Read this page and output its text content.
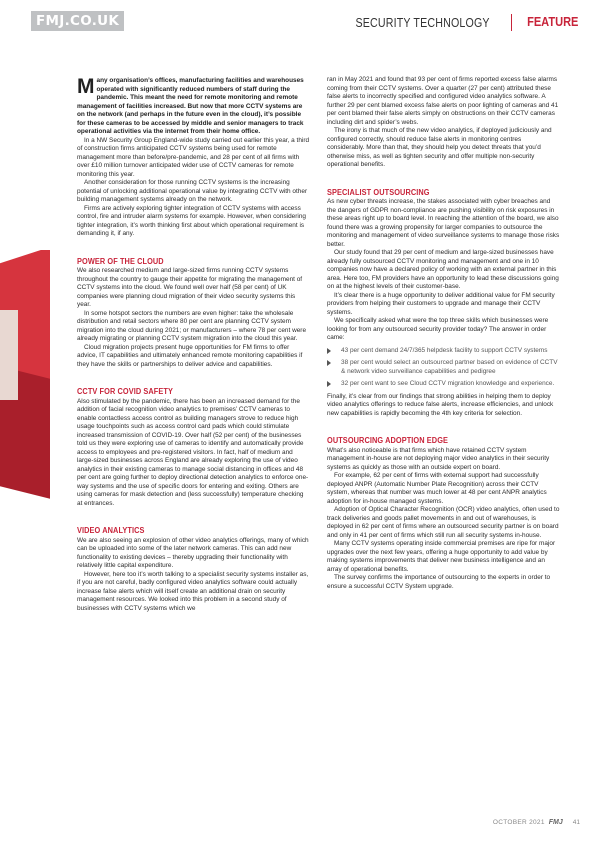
FMJ.CO.UK	SECURITY TECHNOLOGY	FEATURE

Many organisation’s offices, manufacturing facilities and warehouses operated with significantly reduced numbers of staff during the pandemic. This meant the need for remote monitoring and remote management of facilities increased. But now that more CCTV systems are on the network (and perhaps in the future even in the cloud), it’s possible for these cameras to be accessed by middle and senior managers to track operational activities via the internet from their home office.

In a NW Security Group England-wide study carried out earlier this year, a third of construction firms anticipated CCTV systems being used for remote management more than before/pre-pandemic, and 28 per cent of all firms with over £10 million turnover anticipated wider use of CCTV cameras for remote monitoring this year.

Another consideration for those running CCTV systems is the increasing potential of unlocking additional operational value by integrating CCTV with other building management systems already on the network.

Firms are actively exploring tighter integration of CCTV systems with access control, fire and intruder alarm systems for example. However, when considering tighter integration, it’s worth thinking first about which operational requirement is demanding it, if any.

POWER OF THE CLOUD

We also researched medium and large-sized firms running CCTV systems throughout the country to gauge their appetite for migrating the management of CCTV systems into the cloud. We found well over half (58 per cent) of UK companies were planning cloud migration of their video security systems this year.

In some hotspot sectors the numbers are even higher: take the wholesale distribution and retail sectors where 80 per cent are planning CCTV system migration into the cloud during 2021; or manufacturers – where 78 per cent were already migrating or planning CCTV system migration into the cloud this year.

Cloud migration projects present huge opportunities for FM firms to offer advice, IT capabilities and ultimately enhanced remote monitoring capabilities if they have the skills or partnerships to deliver advice and capabilities.

CCTV FOR COVID SAFETY

Also stimulated by the pandemic, there has been an increased demand for the addition of facial recognition video analytics to premises’ CCTV cameras to enable contactless access control as building managers strove to reduce high usage touchpoints such as access control card pads which could stimulate increased transmission of COVID-19. Over half (52 per cent) of the businesses told us they were exploring use of cameras to identify and automatically provide access to employees and pre-registered visitors. In fact, half of medium and large-sized businesses across England are already exploring the use of video analytics in their existing cameras to manage social distancing in offices and 48 per cent are going further to deploy directional detection analytics to enforce one-way systems and the use of specific doors for entering and exiting. Others are using cameras for mask detection and (less successfully) temperature checking at entrances.

VIDEO ANALYTICS

We are also seeing an explosion of other video analytics offerings, many of which can be uploaded into some of the later network cameras. This can add new functionality to existing devices – thereby upgrading their functionality with relatively little capital expenditure.

However, here too it’s worth talking to a specialist security systems installer as, if you are not careful, badly configured video analytics software could actually increase false alerts which will itself create an additional drain on security management resources. We looked into this problem in a second study of businesses with CCTV systems which we

ran in May 2021 and found that 93 per cent of firms reported excess false alarms coming from their CCTV systems. Over a quarter (27 per cent) attributed these false alerts to incorrectly specified and configured video analytics software. A further 29 per cent blamed excess false alerts on poor lighting of cameras and 41 per cent blamed their false alerts simply on obstructions on their CCTV cameras including dirt and spider’s webs.

The irony is that much of the new video analytics, if deployed judiciously and configured correctly, should reduce false alerts in monitoring centres considerably. More than that, they should help you detect threats that you’d otherwise miss, as well as tighten security and offer multiple non-security operational benefits.

SPECIALIST OUTSOURCING

As new cyber threats increase, the stakes associated with cyber breaches and the dangers of GDPR non-compliance are pushing visibility on risk exposures in these areas right up to board level. In reaching the attention of the board, we also found there was a growing propensity for larger companies to outsource the monitoring and management of video surveillance systems to manage those risks better.

Our study found that 29 per cent of medium and large-sized businesses have already fully outsourced CCTV monitoring and management and one in 10 companies now have a declared policy of working with an external partner in this area. Here too, FM providers have an opportunity to lead these discussions going on at the highest levels of their customer-base.

It’s clear there is a huge opportunity to deliver additional value for FM security providers from helping their customers to upgrade and manage their CCTV systems.

We specifically asked what were the top three skills which businesses were looking for from any outsourced security provider today? The answer in order came:

43 per cent demand 24/7/365 helpdesk facility to support CCTV systems
38 per cent would select an outsourced partner based on evidence of CCTV & network video surveillance capabilities and pedigree
32 per cent want to see Cloud CCTV migration knowledge and experience.

Finally, it’s clear from our findings that strong abilities in helping them to deploy video analytics offerings to reduce false alerts, increase efficiencies, and unlock new capabilities is rapidly becoming the 4th key criteria for selection.

OUTSOURCING ADOPTION EDGE

What’s also noticeable is that firms which have retained CCTV system management in-house are not deploying major video analytics in their security systems as quickly as those with an outside expert on board.

For example, 62 per cent of firms with external support had successfully deployed ANPR (Automatic Number Plate Recognition) across their CCTV system, whereas that number was much lower at 48 per cent ANPR analytics adoption for in-house managed systems.

Adoption of Optical Character Recognition (OCR) video analytics, often used to track deliveries and goods pallet movements in and out of warehouses, is deployed in 62 per cent of firms where an outsourced security partner is on board and only in 41 per cent of firms which still run all security systems in-house.

Many CCTV systems operating inside commercial premises are ripe for major upgrades over the next few years, offering a huge opportunity to add value by making systems improvements that deliver new business intelligence and an array of operational benefits.

The survey confirms the importance of outsourcing to the experts in order to ensure a successful CCTV System upgrade.

OCTOBER 2021 FMJ 41
